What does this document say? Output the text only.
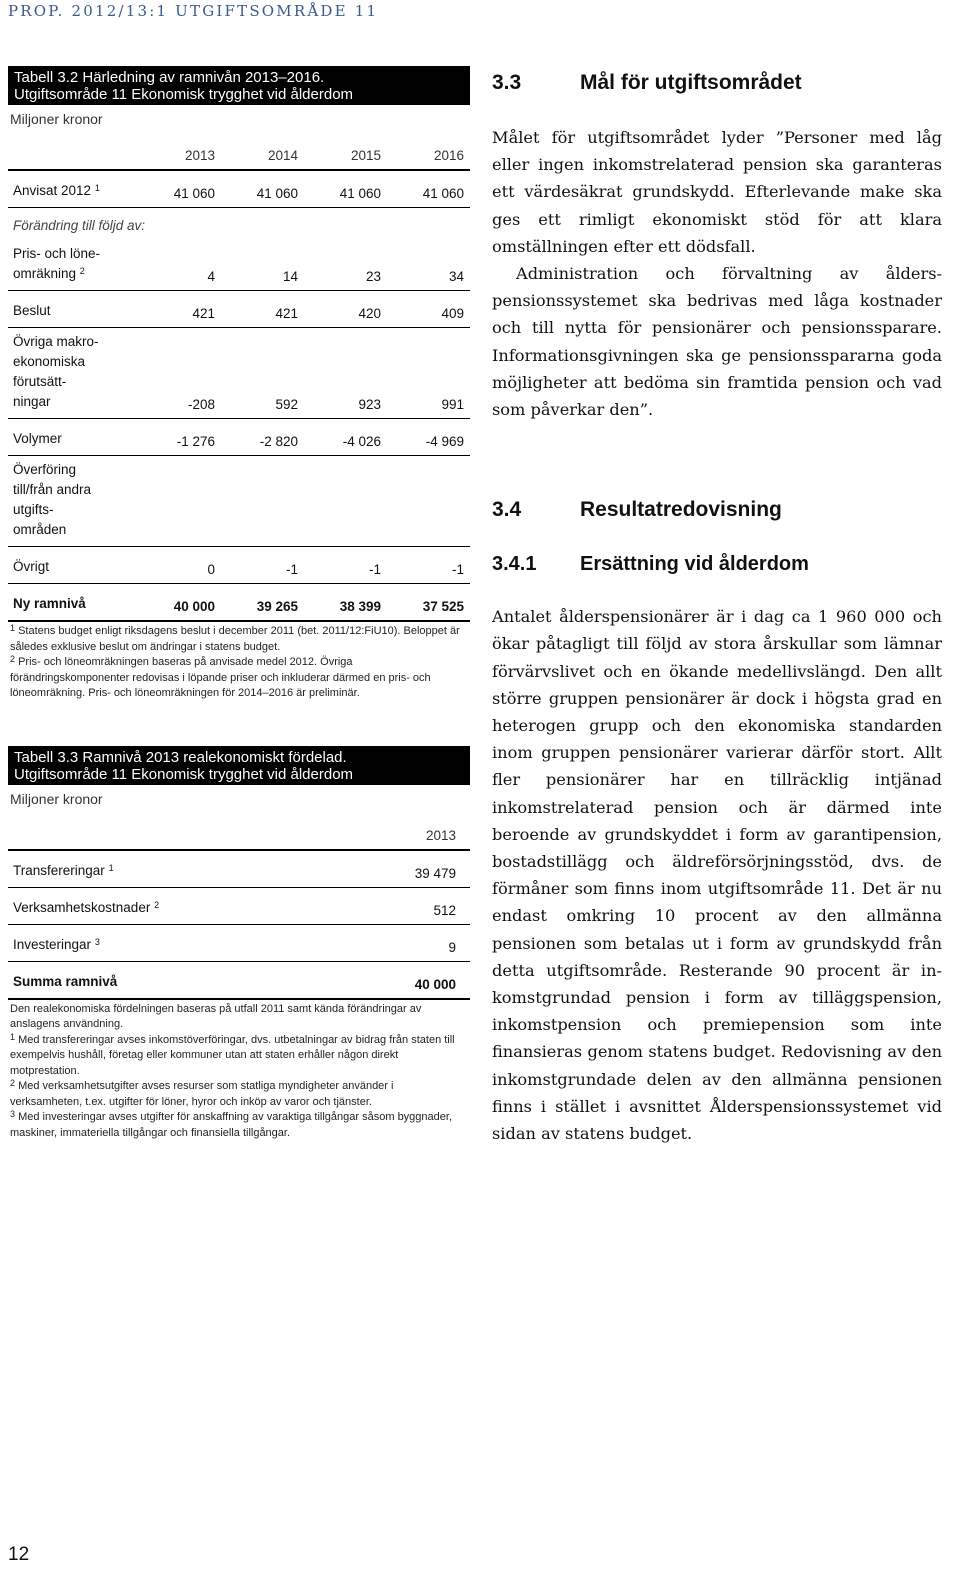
PROP. 2012/13:1 UTGIFTSOMRÅDE 11
Tabell 3.2 Härledning av ramnivån 2013–2016.
Utgiftsområde 11 Ekonomisk trygghet vid ålderdom
Miljoner kronor
	2013	2014	2015	2016
Anvisat 2012 $^1$	41 060	41 060	41 060	41 060
Förändring till följd av:				

Pris- och löne-
omräkning $^2$	4	14	23	34
Beslut	421	421	420	409

Övriga makro-
ekonomiska
förutsätt-
ningar	-208	592	923	991
Volymer	-1 276	-2 820	-4 026	-4 969

Överföring
till/från andra
utgifts-
områden				

Övrigt	0	-1	-1	-1
Ny ramnivå	40 000	39 265	38 399	37 525

$^1$ Statens budget enligt riksdagens beslut i december 2011 (bet. 2011/12:FiU10). Beloppet är således exklusive beslut om ändringar i statens budget.

$^2$ Pris- och löneomräkningen baseras på anvisade medel 2012. Övriga förändringskomponenter redovisas i löpande priser och inkluderar därmed en pris- och löneomräkning. Pris- och löneomräkningen för 2014–2016 är preliminär.

Tabell 3.3 Ramnivå 2013 realekonomiskt fördelad.
Utgiftsområde 11 Ekonomisk trygghet vid ålderdom
Miljoner kronor
	2013
Transfereringar $^1$	39 479
Verksamhetskostnader $^2$	512
Investeringar $^3$	9
Summa ramnivå	40 000

Den realekonomiska fördelningen baseras på utfall 2011 samt kända förändringar av anslagens användning.

$^1$ Med transfereringar avses inkomstöverföringar, dvs. utbetalningar av bidrag från staten till exempelvis hushåll, företag eller kommuner utan att staten erhåller någon direkt motprestation.

$^2$ Med verksamhetsutgifter avses resurser som statliga myndigheter använder i verksamheten, t.ex. utgifter för löner, hyror och inköp av varor och tjänster.

$^3$ Med investeringar avses utgifter för anskaffning av varaktiga tillgångar såsom byggnader, maskiner, immateriella tillgångar och finansiella tillgångar.

3.3	Mål för utgiftsområdet

Målet för utgiftsområdet lyder ”Personer med låg eller ingen inkomstrelaterad pension ska garanteras ett värdesäkrat grundskydd. Efterlevande make ska ges ett rimligt ekonomiskt stöd för att klara omställningen efter ett dödsfall.

Administration och förvaltning av ålderspensionssystemet ska bedrivas med låga kostnader och till nytta för pensionärer och pensionssparare. Informationsgivningen ska ge pensionsspararna goda möjligheter att bedöma sin framtida pension och vad som påverkar den”.

3.4	Resultatredovisning
3.4.1 Ersättning vid ålderdom

Antalet ålderspensionärer är i dag ca 1 960 000 och ökar påtagligt till följd av stora årskullar som lämnar förvärvslivet och en ökande medellivslängd. Den allt större gruppen pensionärer är dock i högsta grad en heterogen grupp och den ekonomiska standarden inom gruppen pensionärer varierar därför stort. Allt fler pensionärer har en tillräcklig intjänad inkomstrelaterad pension och är därmed inte beroende av grundskyddet i form av garantipension, bostadstillägg och äldreförsörjningsstöd, dvs. de förmåner som finns inom utgiftsområde 11. Det är nu endast omkring 10 procent av den allmänna pensionen som betalas ut i form av grundskydd från detta utgiftsområde. Resterande 90 procent är inkomstgrundad pension i form av tilläggspension, inkomstpension och premiepension som inte finansieras genom statens budget. Redovisning av den inkomstgrundade delen av den allmänna pensionen finns i stället i avsnittet Ålderspensionssystemet vid sidan av statens budget.

12
